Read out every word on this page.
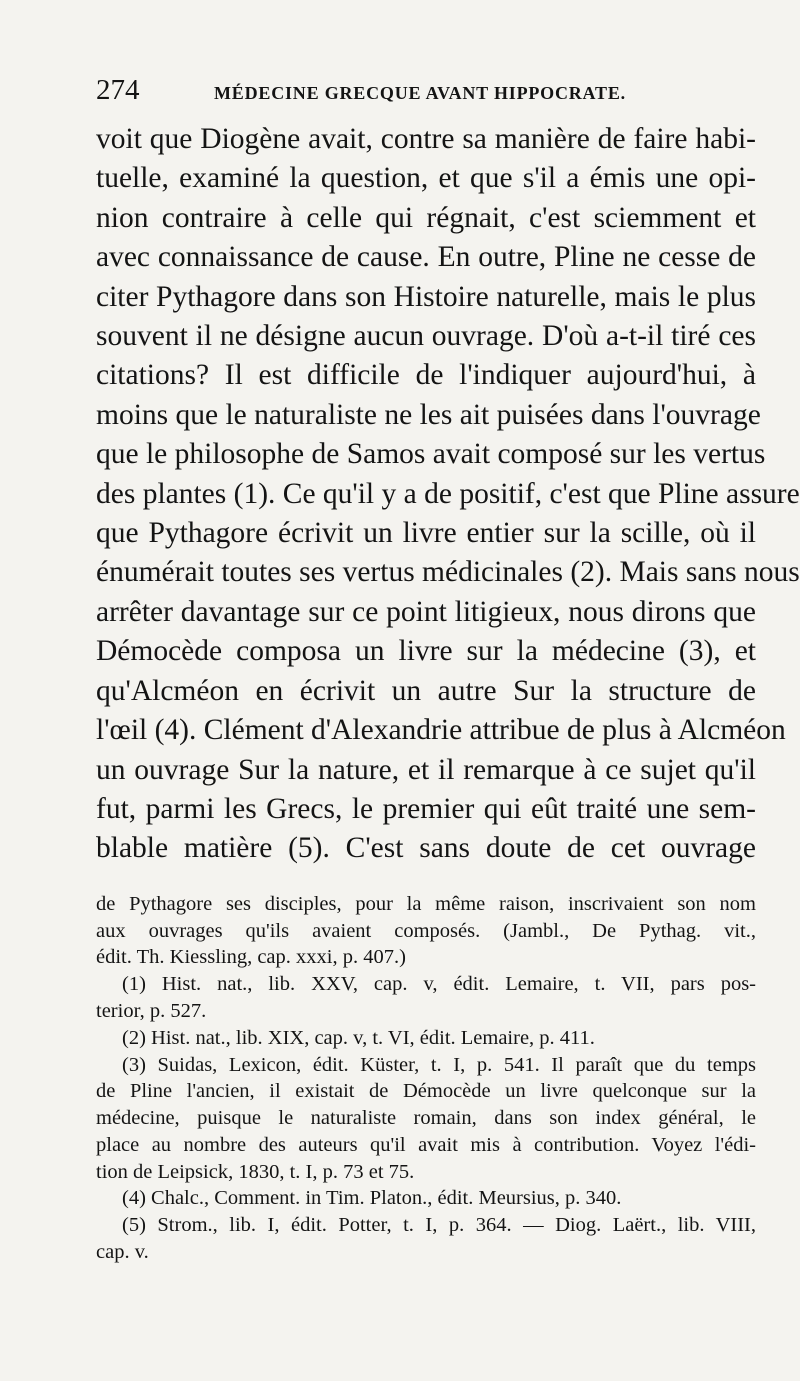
274	MÉDECINE GRECQUE AVANT HIPPOCRATE.
voit que Diogène avait, contre sa manière de faire habi-
tuelle, examiné la question, et que s'il a émis une opi-
nion contraire à celle qui régnait, c'est sciemment et
avec connaissance de cause. En outre, Pline ne cesse de
citer Pythagore dans son Histoire naturelle, mais le plus
souvent il ne désigne aucun ouvrage. D'où a-t-il tiré ces
citations? Il est difficile de l'indiquer aujourd'hui, à
moins que le naturaliste ne les ait puisées dans l'ouvrage
que le philosophe de Samos avait composé sur les vertus
des plantes (1). Ce qu'il y a de positif, c'est que Pline assure
que Pythagore écrivit un livre entier sur la scille, où il
énumérait toutes ses vertus médicinales (2). Mais sans nous
arrêter davantage sur ce point litigieux, nous dirons que
Démocède composa un livre sur la médecine (3), et
qu'Alcméon en écrivit un autre Sur la structure de
l'œil (4). Clément d'Alexandrie attribue de plus à Alcméon
un ouvrage Sur la nature, et il remarque à ce sujet qu'il
fut, parmi les Grecs, le premier qui eût traité une sem-
blable matière (5). C'est sans doute de cet ouvrage
de Pythagore ses disciples, pour la même raison, inscrivaient son nom
aux ouvrages qu'ils avaient composés. (Jambl., De Pythag. vit.,
édit. Th. Kiessling, cap. xxxi, p. 407.)
(1) Hist. nat., lib. XXV, cap. v, édit. Lemaire, t. VII, pars pos-
terior, p. 527.
(2) Hist. nat., lib. XIX, cap. v, t. VI, édit. Lemaire, p. 411.
(3) Suidas, Lexicon, édit. Küster, t. I, p. 541. Il paraît que du temps
de Pline l'ancien, il existait de Démocède un livre quelconque sur la
médecine, puisque le naturaliste romain, dans son index général, le
place au nombre des auteurs qu'il avait mis à contribution. Voyez l'édi-
tion de Leipsick, 1830, t. I, p. 73 et 75.
(4) Chalc., Comment. in Tim. Platon., édit. Meursius, p. 340.
(5) Strom., lib. I, édit. Potter, t. I, p. 364. — Diog. Laërt., lib. VIII,
cap. v.
